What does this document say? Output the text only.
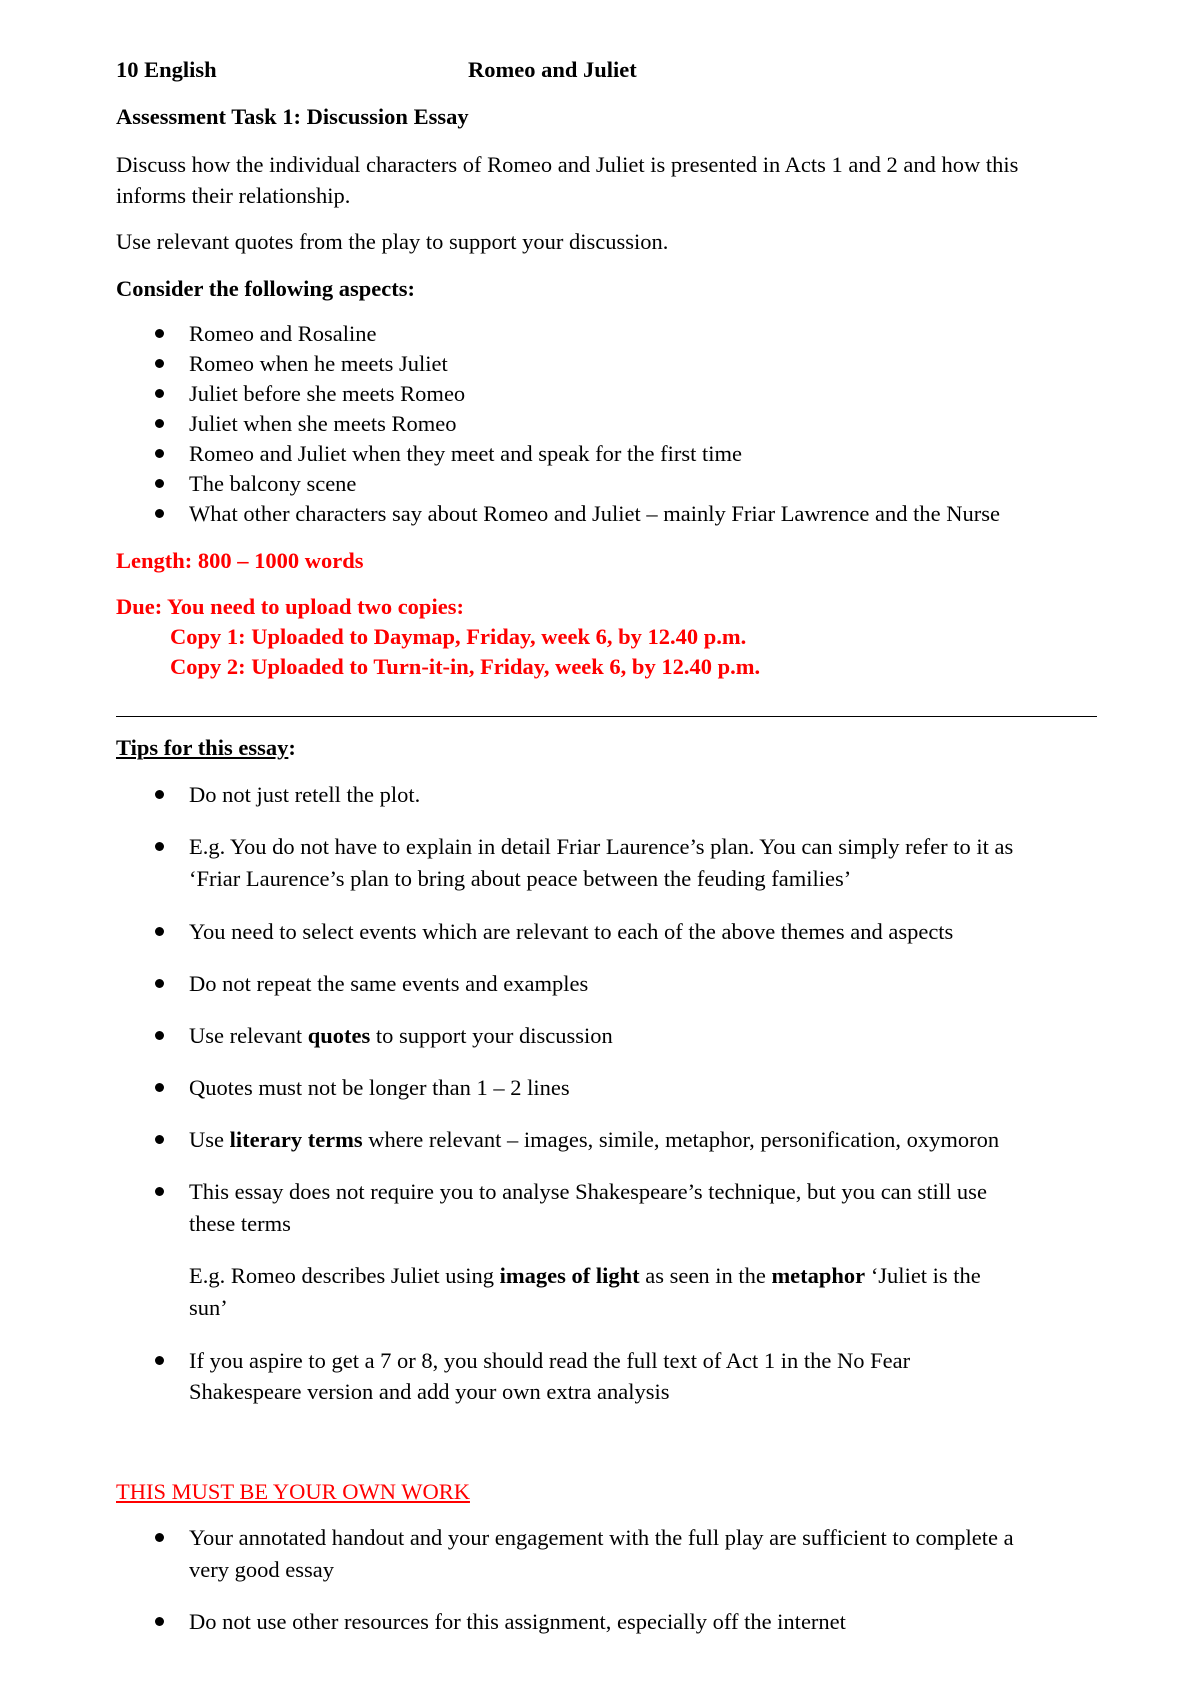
10 English	Romeo and Juliet
Assessment Task 1: Discussion Essay
Discuss how the individual characters of Romeo and Juliet is presented in Acts 1 and 2 and how this
informs their relationship.
Use relevant quotes from the play to support your discussion.
Consider the following aspects:
Romeo and Rosaline
Romeo when he meets Juliet
Juliet before she meets Romeo
Juliet when she meets Romeo
Romeo and Juliet when they meet and speak for the first time
The balcony scene
What other characters say about Romeo and Juliet – mainly Friar Lawrence and the Nurse
Length: 800 – 1000 words
Due: You need to upload two copies:
Copy 1: Uploaded to Daymap, Friday, week 6, by 12.40 p.m.
Copy 2: Uploaded to Turn-it-in, Friday, week 6, by 12.40 p.m.
Tips for this essay:
Do not just retell the plot.
E.g. You do not have to explain in detail Friar Laurence’s plan. You can simply refer to it as
‘Friar Laurence’s plan to bring about peace between the feuding families’
You need to select events which are relevant to each of the above themes and aspects
Do not repeat the same events and examples
Use relevant quotes to support your discussion
Quotes must not be longer than 1 – 2 lines
Use literary terms where relevant – images, simile, metaphor, personification, oxymoron
This essay does not require you to analyse Shakespeare’s technique, but you can still use
these terms
E.g. Romeo describes Juliet using images of light as seen in the metaphor ‘Juliet is the
sun’
If you aspire to get a 7 or 8, you should read the full text of Act 1 in the No Fear
Shakespeare version and add your own extra analysis
THIS MUST BE YOUR OWN WORK
Your annotated handout and your engagement with the full play are sufficient to complete a
very good essay
Do not use other resources for this assignment, especially off the internet
